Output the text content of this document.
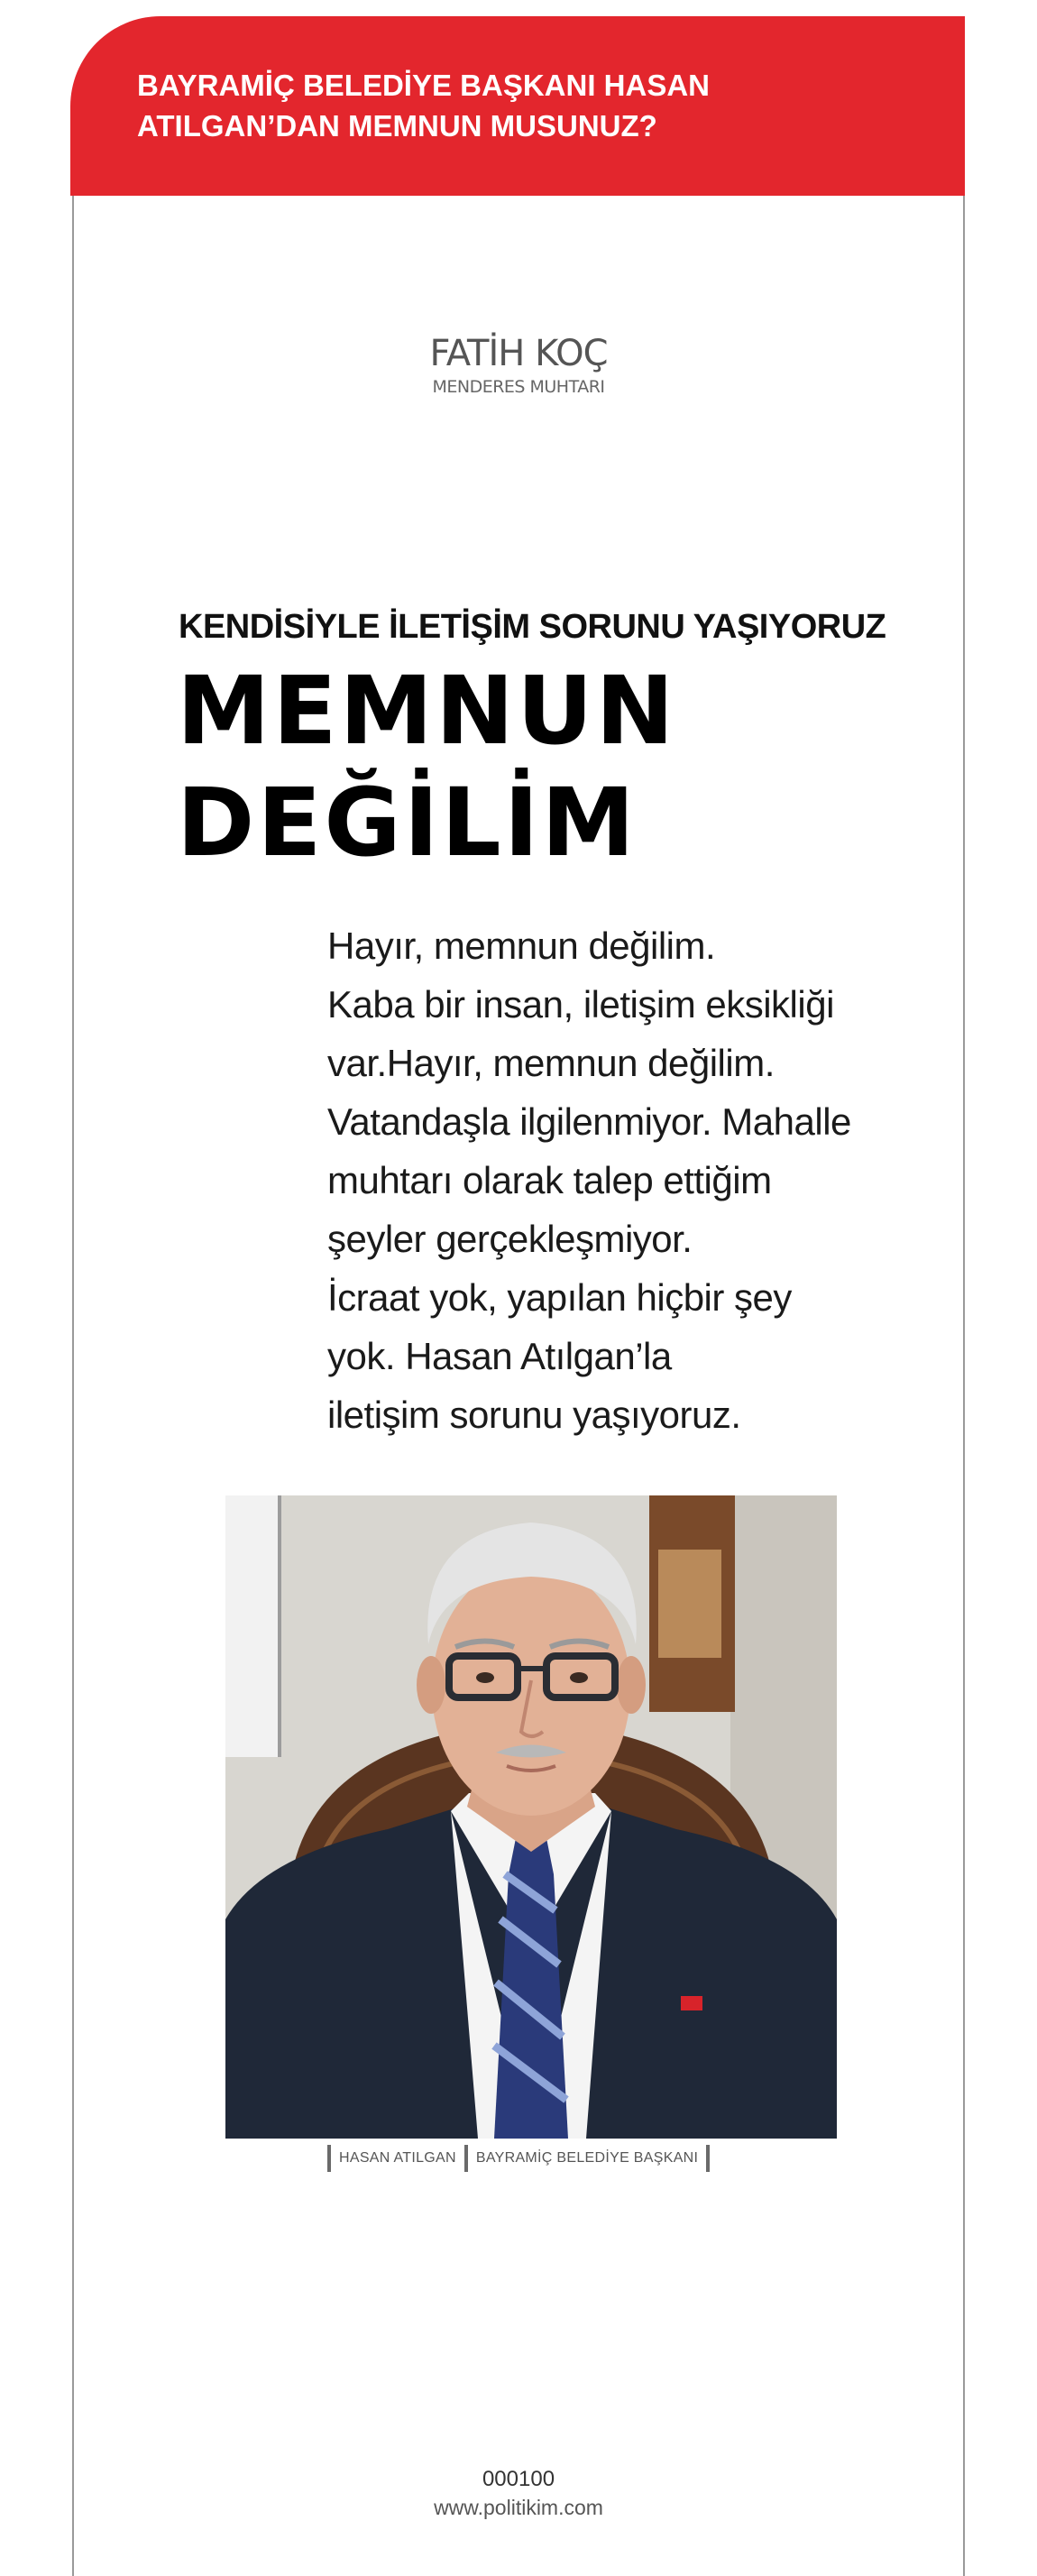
BAYRAMİÇ BELEDİYE BAŞKANI HASAN
ATILGAN’DAN MEMNUN MUSUNUZ?
FATİH KOÇ
MENDERES MUHTARI
KENDİSİYLE İLETİŞİM SORUNU YAŞIYORUZ
MEMNUN
DEĞİLİM
Hayır, memnun değilim.
Kaba bir insan, iletişim eksikliği
var.Hayır, memnun değilim.
Vatandaşla ilgilenmiyor. Mahalle
muhtarı olarak talep ettiğim
şeyler gerçekleşmiyor.
İcraat yok, yapılan hiçbir şey
yok. Hasan Atılgan’la
iletişim sorunu yaşıyoruz.
HASAN ATILGAN	BAYRAMİÇ BELEDİYE BAŞKANI
000100
www.politikim.com
